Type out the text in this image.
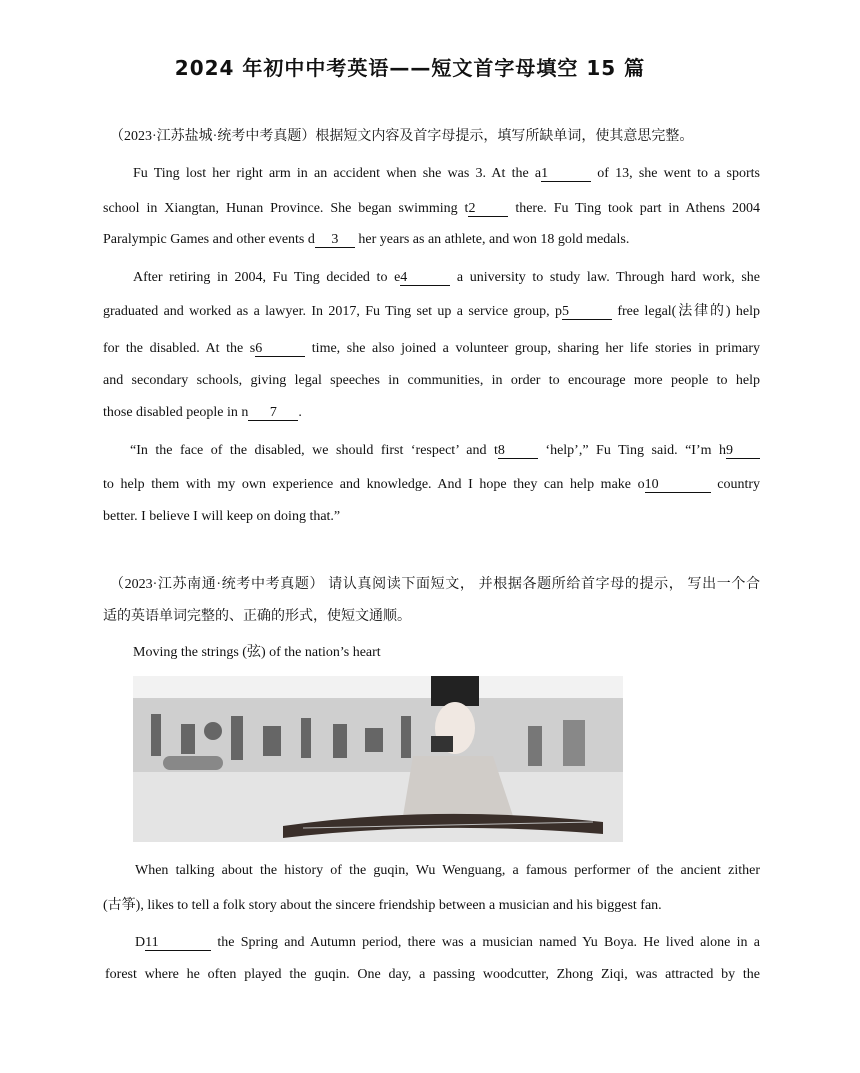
2024 年初中中考英语——短文首字母填空 15 篇
（2023·江苏盐城·统考中考真题）根据短文内容及首字母提示，填写所缺单词，使其意思完整。
Fu Ting lost her right arm in an accident when she was 3. At the a1	of 13, she went to a sports
school in Xiangtan, Hunan Province. She began swimming t2 there. Fu Ting took part in Athens 2004
Paralympic Games and other events d 3 her years as an athlete, and won 18 gold medals.
After retiring in 2004, Fu Ting decided to e4	a university to study law. Through hard work, she
graduated and worked as a lawyer. In 2017, Fu Ting set up a service group, p5	free legal(法律的) help
for the disabled. At the s6	time, she also joined a volunteer group, sharing her life stories in primary
and secondary schools, giving legal speeches in communities, in order to encourage more people to help
those disabled people in n 7 .
“In the face of the disabled, we should first ‘respect’ and t8 ‘help’,” Fu Ting said. “I’m h9
to help them with my own experience and knowledge. And I hope they can help make o10	country
better. I believe I will keep on doing that.”
（2023·江苏南通·统考中考真题） 请认真阅读下面短文， 并根据各题所给首字母的提示， 写出一个合
适的英语单词完整的、正确的形式，使短文通顺。
Moving the strings (弦) of the nation’s heart
When talking about the history of the guqin, Wu Wenguang, a famous performer of the ancient zither
(古筝), likes to tell a folk story about the sincere friendship between a musician and his biggest fan.
D11	the Spring and Autumn period, there was a musician named Yu Boya. He lived alone in a
forest where he often played the guqin. One day, a passing woodcutter, Zhong Ziqi, was attracted by the
